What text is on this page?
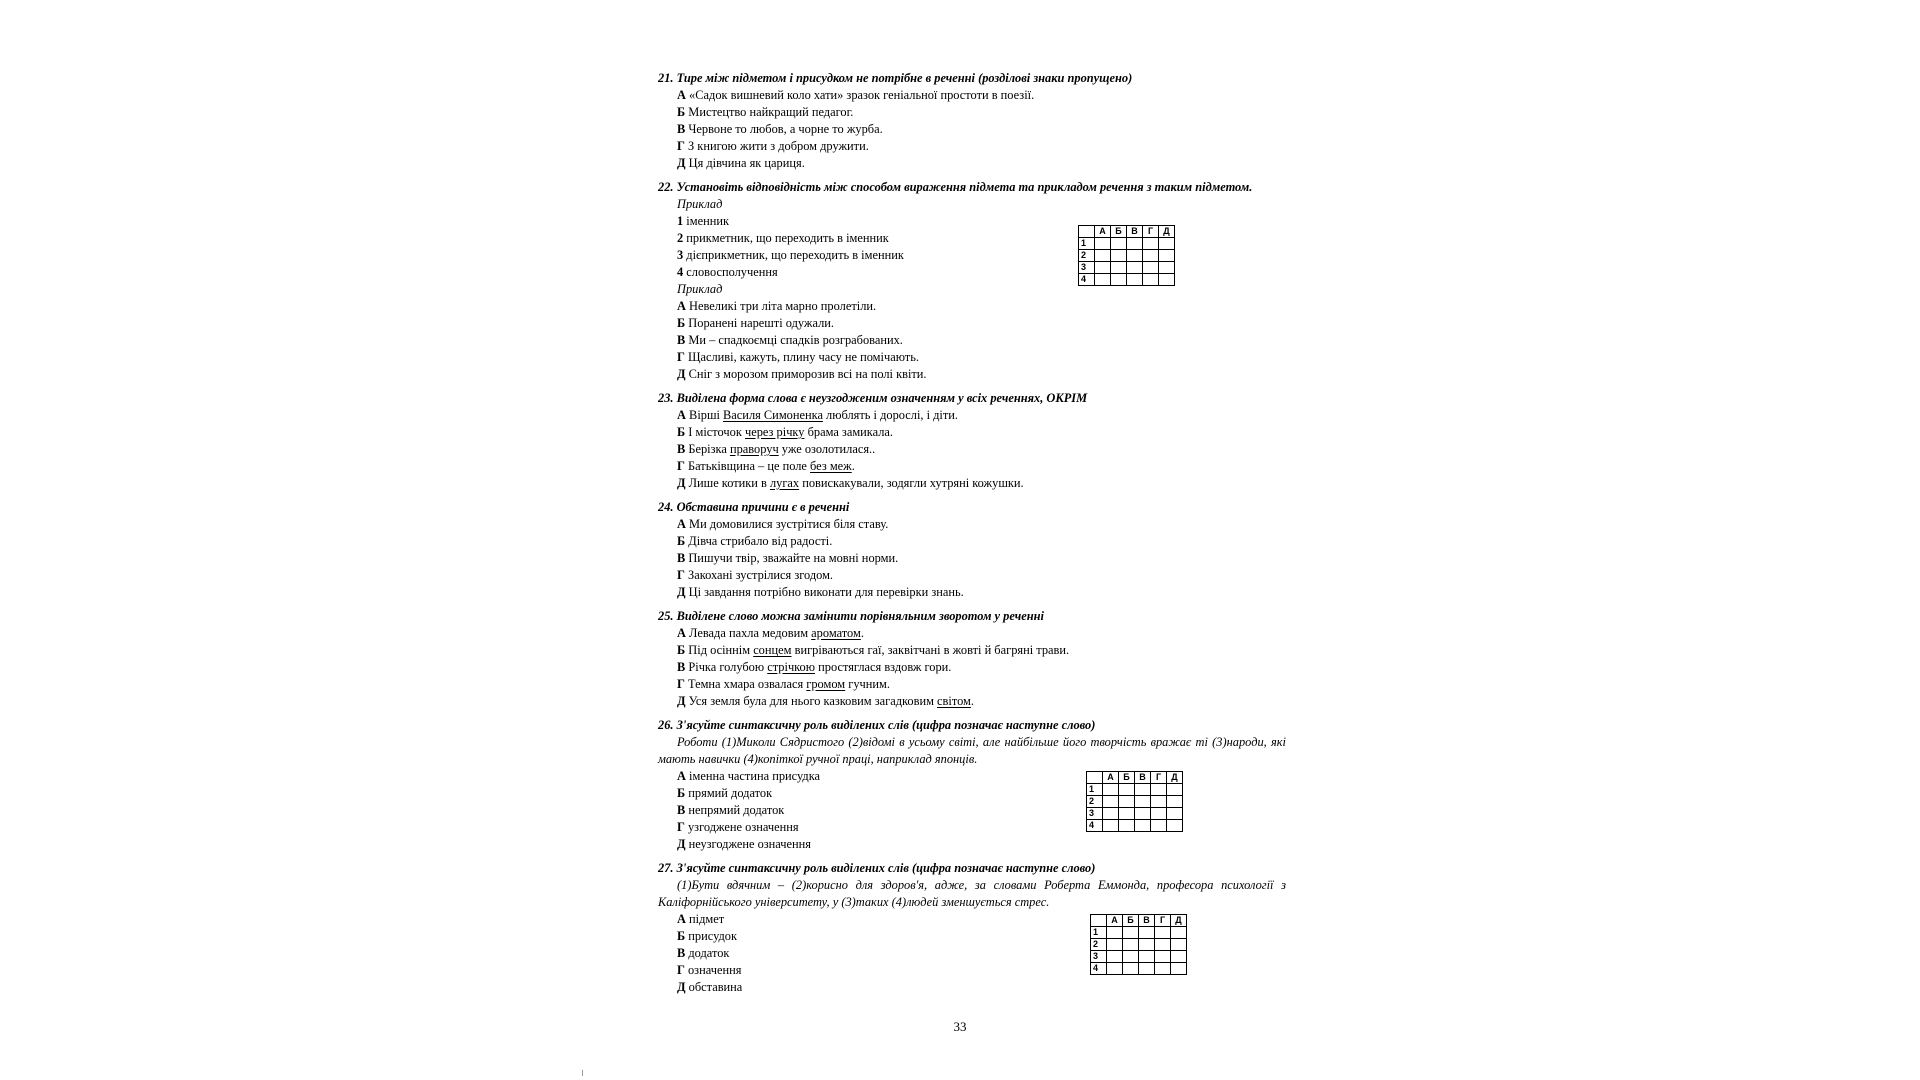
21. Тире між підметом і присудком не потрібне в реченні (розділові знаки пропущено)
А «Садок вишневий коло хати» зразок геніальної простоти в поезії.
Б Мистецтво найкращий педагог.
В Червоне то любов, а чорне то журба.
Г З книгою жити з добром дружити.
Д Ця дівчина як цариця.
22. Установіть відповідність між способом вираження підмета та прикладом речення з таким підметом.
Приклад
1 іменник
2 прикметник, що переходить в іменник
3 дієприкметник, що переходить в іменник
4 словосполучення
Приклад
А Невеликі три літа марно пролетіли.
Б Поранені нарешті одужали.
В Ми – спадкоємці спадків розграбованих.
Г Щасливі, кажуть, плину часу не помічають.
Д Сніг з морозом приморозив всі на полі квіти.
	А	Б	В	Г	Д
1					
2					
3					
4					
23. Виділена форма слова є неузгодженим означенням у всіх реченнях, ОКРІМ
А Вірші Василя Симоненка люблять і дорослі, і діти.
Б І місточок через річку брама замикала.
В Берізка праворуч уже озолотилася..
Г Батьківщина – це поле без меж.
Д Лише котики в лугах повискакували, зодягли хутряні кожушки.
24. Обставина причини є в реченні
А Ми домовилися зустрітися біля ставу.
Б Дівча стрибало від радості.
В Пишучи твір, зважайте на мовні норми.
Г Закохані зустрілися згодом.
Д Ці завдання потрібно виконати для перевірки знань.
25. Виділене слово можна замінити порівняльним зворотом у реченні
А Левада пахла медовим ароматом.
Б Під осіннім сонцем вигріваються гаї, заквітчані в жовті й багряні трави.
В Річка голубою стрічкою простяглася вздовж гори.
Г Темна хмара озвалася громом гучним.
Д Уся земля була для нього казковим загадковим світом.
26. З'ясуйте синтаксичну роль виділених слів (цифра позначає наступне слово)
Роботи (1)Миколи Сядристого (2)відомі в усьому світі, але найбільше його творчість вражає ті (3)народи, які мають навички (4)копіткої ручної праці, наприклад японців.
А іменна частина присудка
Б прямий додаток
В непрямий додаток
Г узгоджене означення
Д неузгоджене означення
	А	Б	В	Г	Д
1					
2					
3					
4					
27. З'ясуйте синтаксичну роль виділених слів (цифра позначає наступне слово)
(1)Бути вдячним – (2)корисно для здоров'я, адже, за словами Роберта Еммонда, професора психології з Каліфорнійського університету, у (3)таких (4)людей зменшується стрес.
А підмет
Б присудок
В додаток
Г означення
Д обставина
	А	Б	В	Г	Д
1					
2					
3					
4					
33
